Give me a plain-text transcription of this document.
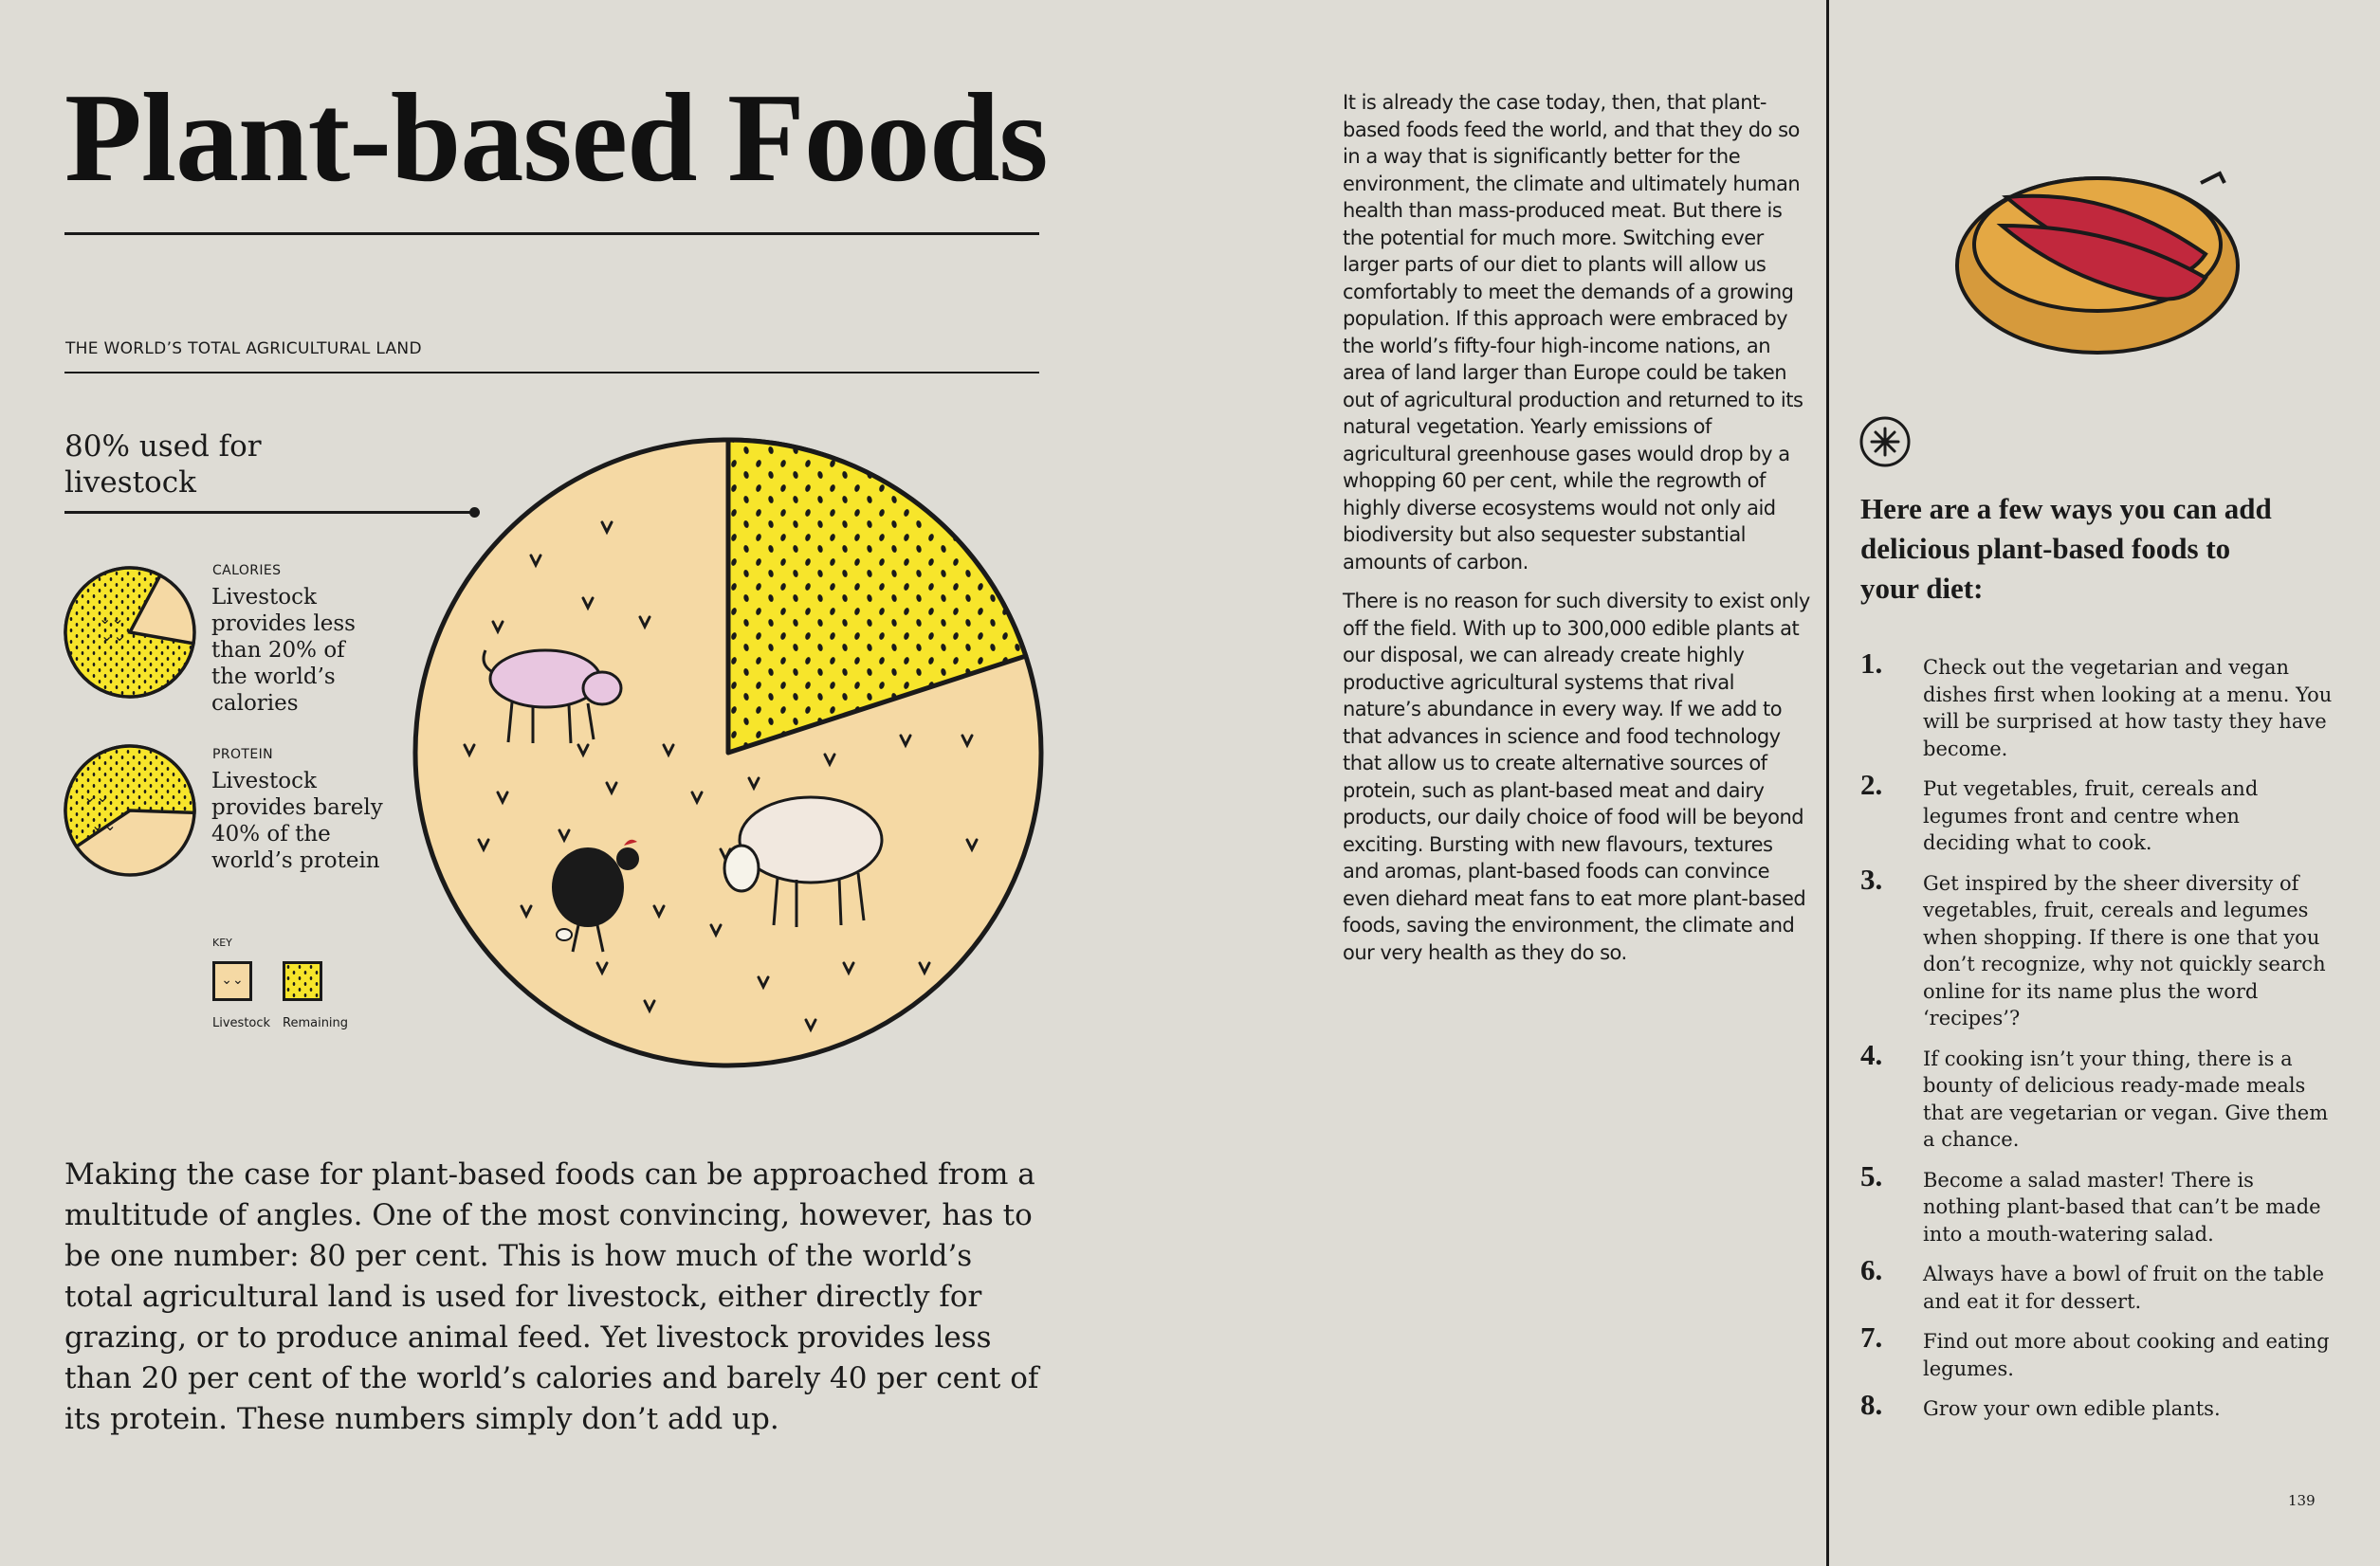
Plant-based Foods
THE WORLD’S TOTAL AGRICULTURAL LAND
80% used for livestock
⌄⌄
⌄⌄
CALORIES
Livestock provides less than 20% of the world’s calories
⌄⌄
⌄⌄
PROTEIN
Livestock provides barely 40% of the world’s protein
KEY
⌄⌄
Livestock Remaining
Making the case for plant-based foods can be approached from a multitude of angles. One of the most convincing, however, has to be one number: 80 per cent. This is how much of the world’s total agricultural land is used for livestock, either directly for grazing, or to produce animal feed. Yet livestock provides less than 20 per cent of the world’s calories and barely 40 per cent of its protein. These numbers simply don’t add up.

It is already the case today, then, that plant-based foods feed the world, and that they do so in a way that is significantly better for the environment, the climate and ultimately human health than mass-produced meat. But there is the potential for much more. Switching ever larger parts of our diet to plants will allow us comfortably to meet the demands of a growing population. If this approach were embraced by the world’s fifty-four high-income nations, an area of land larger than Europe could be taken out of agricultural production and returned to its natural vegetation. Yearly emissions of agricultural greenhouse gases would drop by a whopping 60 per cent, while the regrowth of highly diverse ecosystems would not only aid biodiversity but also sequester substantial amounts of carbon.

There is no reason for such diversity to exist only off the field. With up to 300,000 edible plants at our disposal, we can already create highly productive agricultural systems that rival nature’s abundance in every way. If we add to that advances in science and food technology that allow us to create alternative sources of protein, such as plant-based meat and dairy products, our daily choice of food will be beyond exciting. Bursting with new flavours, textures and aromas, plant-based foods can convince even diehard meat fans to eat more plant-based foods, saving the environment, the climate and our very health as they do so.

Here are a few ways you can add delicious plant-based foods to your diet:
1. Check out the vegetarian and vegan dishes first when looking at a menu. You will be surprised at how tasty they have become.
2. Put vegetables, fruit, cereals and legumes front and centre when deciding what to cook.
3. Get inspired by the sheer diversity of vegetables, fruit, cereals and legumes when shopping. If there is one that you don’t recognize, why not quickly search online for its name plus the word ‘recipes’?
4. If cooking isn’t your thing, there is a bounty of delicious ready-made meals that are vegetarian or vegan. Give them a chance.
5. Become a salad master! There is nothing plant-based that can’t be made into a mouth-watering salad.
6. Always have a bowl of fruit on the table and eat it for dessert.
7. Find out more about cooking and eating legumes.
8. Grow your own edible plants.
139
